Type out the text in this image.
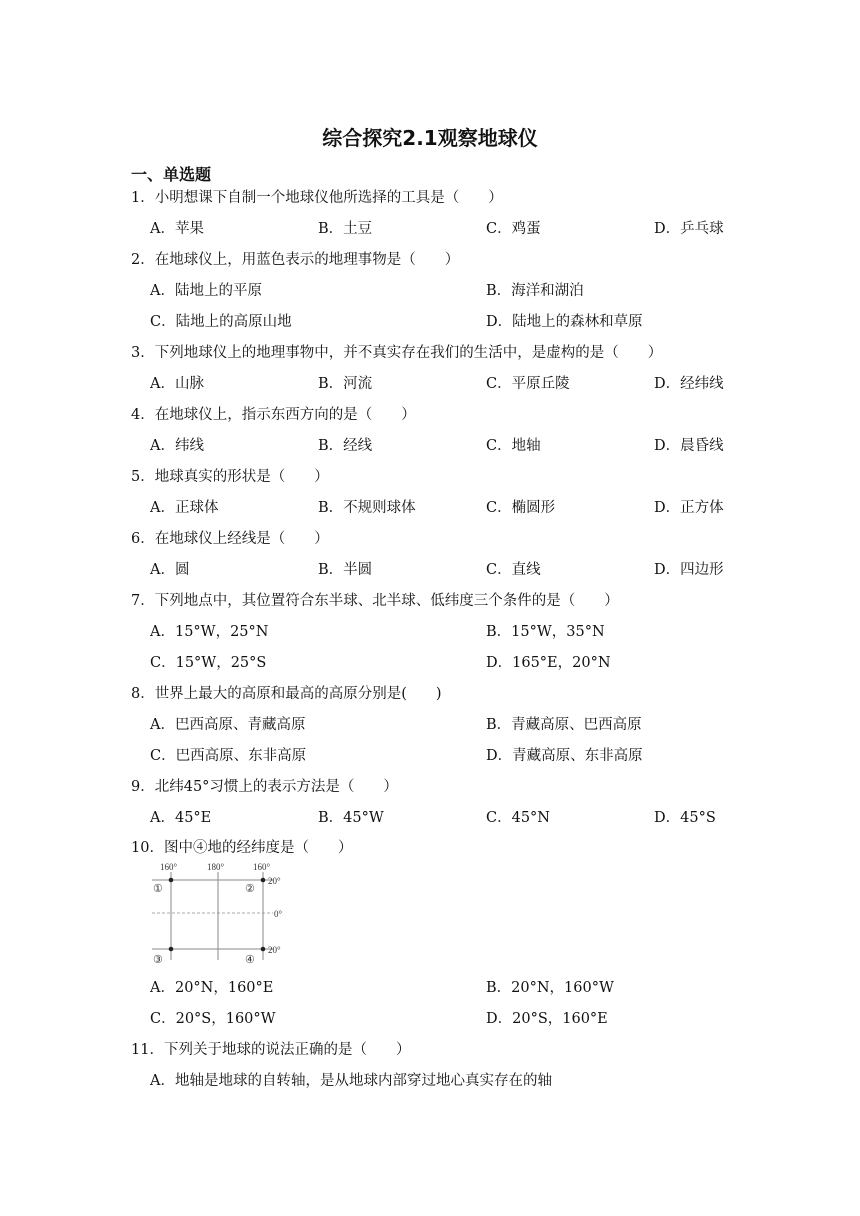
综合探究2.1观察地球仪
一、单选题
1．小明想课下自制一个地球仪他所选择的工具是（　　）
A．苹果	B．土豆	C．鸡蛋	D．乒乓球
2．在地球仪上，用蓝色表示的地理事物是（　　）
A．陆地上的平原	B．海洋和湖泊
C．陆地上的高原山地	D．陆地上的森林和草原
3．下列地球仪上的地理事物中，并不真实存在我们的生活中，是虚构的是（　　）
A．山脉	B．河流	C．平原丘陵	D．经纬线
4．在地球仪上，指示东西方向的是（　　）
A．纬线	B．经线	C．地轴	D．晨昏线
5．地球真实的形状是（　　）
A．正球体	B．不规则球体	C．椭圆形	D．正方体
6．在地球仪上经线是（　　）
A．圆	B．半圆	C．直线	D．四边形
7．下列地点中，其位置符合东半球、北半球、低纬度三个条件的是（　　）
A．15°W，25°N	B．15°W，35°N
C．15°W，25°S	D．165°E，20°N
8．世界上最大的高原和最高的高原分别是(　　)
A．巴西高原、青藏高原	B．青藏高原、巴西高原
C．巴西高原、东非高原	D．青藏高原、东非高原
9．北纬45°习惯上的表示方法是（　　）
A．45°E	B．45°W	C．45°N	D．45°S
10．图中④地的经纬度是（　　）
160°	180°	160°
20°
0°
20°
①	②
③	④
A．20°N，160°E	B．20°N，160°W
C．20°S，160°W	D．20°S，160°E
11．下列关于地球的说法正确的是（　　）
A．地轴是地球的自转轴，是从地球内部穿过地心真实存在的轴
